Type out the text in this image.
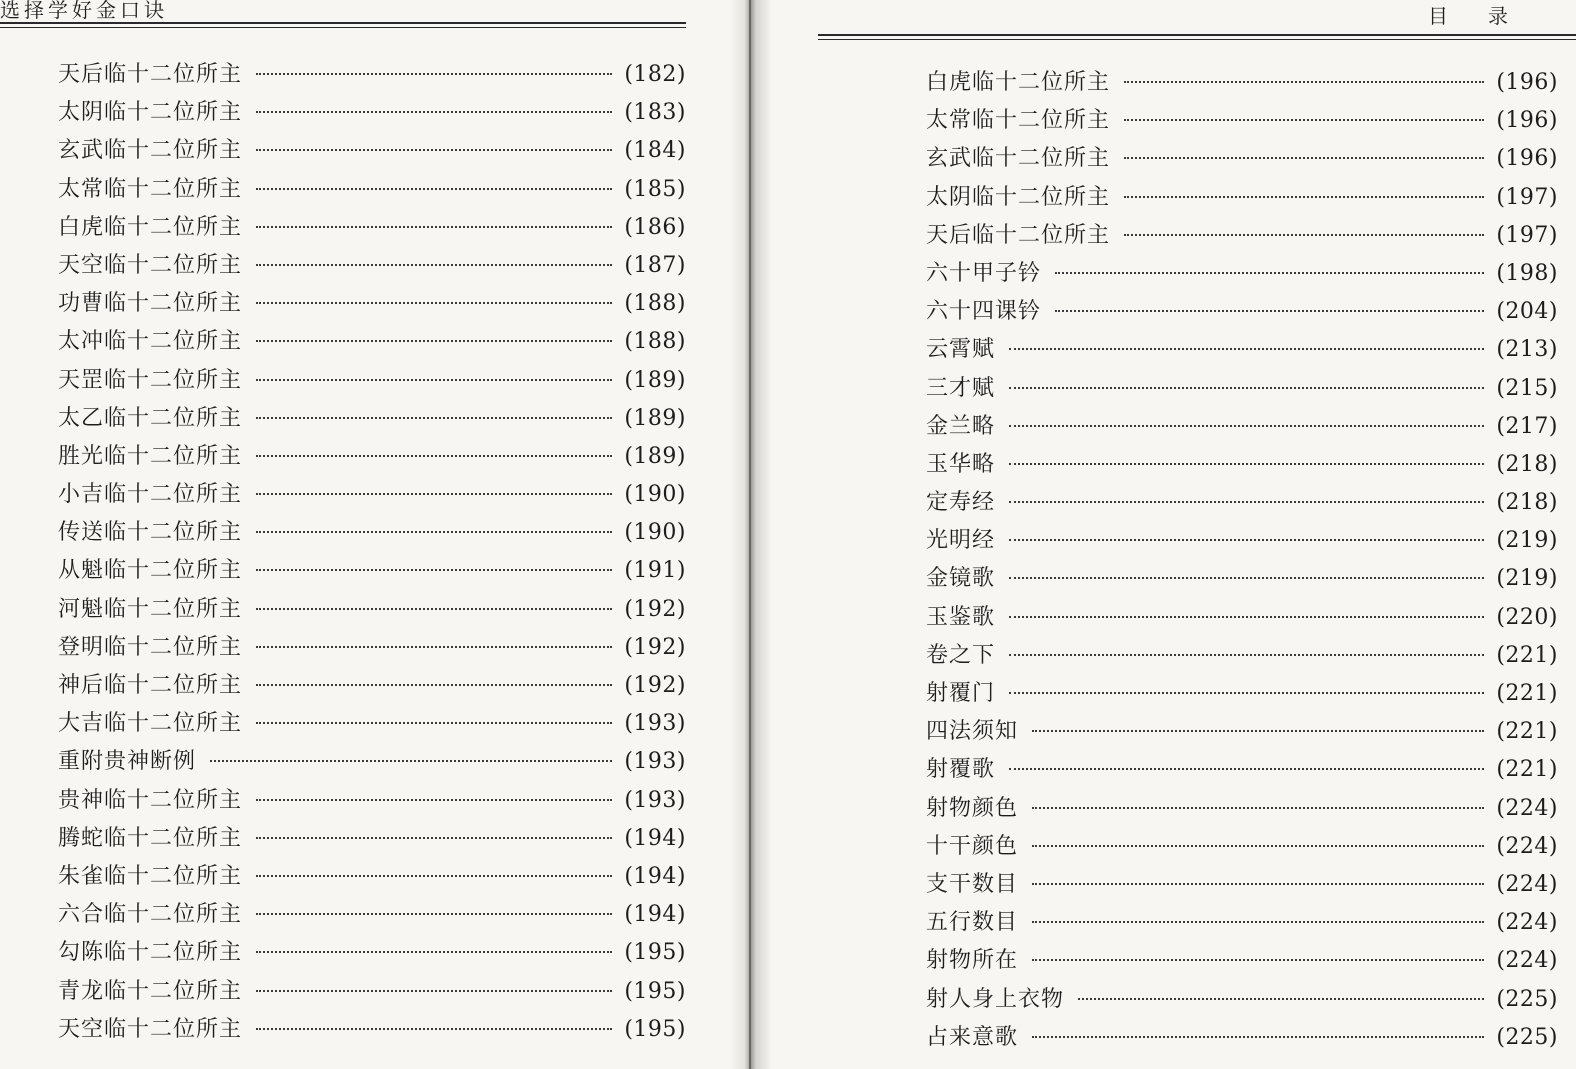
选择学好金口诀
天后临十二位所主	(182)
太阴临十二位所主	(183)
玄武临十二位所主	(184)
太常临十二位所主	(185)
白虎临十二位所主	(186)
天空临十二位所主	(187)
功曹临十二位所主	(188)
太冲临十二位所主	(188)
天罡临十二位所主	(189)
太乙临十二位所主	(189)
胜光临十二位所主	(189)
小吉临十二位所主	(190)
传送临十二位所主	(190)
从魁临十二位所主	(191)
河魁临十二位所主	(192)
登明临十二位所主	(192)
神后临十二位所主	(192)
大吉临十二位所主	(193)
重附贵神断例	(193)
贵神临十二位所主	(193)
腾蛇临十二位所主	(194)
朱雀临十二位所主	(194)
六合临十二位所主	(194)
勾陈临十二位所主	(195)
青龙临十二位所主	(195)
天空临十二位所主	(195)
目录
白虎临十二位所主	(196)
太常临十二位所主	(196)
玄武临十二位所主	(196)
太阴临十二位所主	(197)
天后临十二位所主	(197)
六十甲子钤	(198)
六十四课钤	(204)
云霄赋	(213)
三才赋	(215)
金兰略	(217)
玉华略	(218)
定寿经	(218)
光明经	(219)
金镜歌	(219)
玉鉴歌	(220)
卷之下	(221)
射覆门	(221)
四法须知	(221)
射覆歌	(221)
射物颜色	(224)
十干颜色	(224)
支干数目	(224)
五行数目	(224)
射物所在	(224)
射人身上衣物	(225)
占来意歌	(225)
